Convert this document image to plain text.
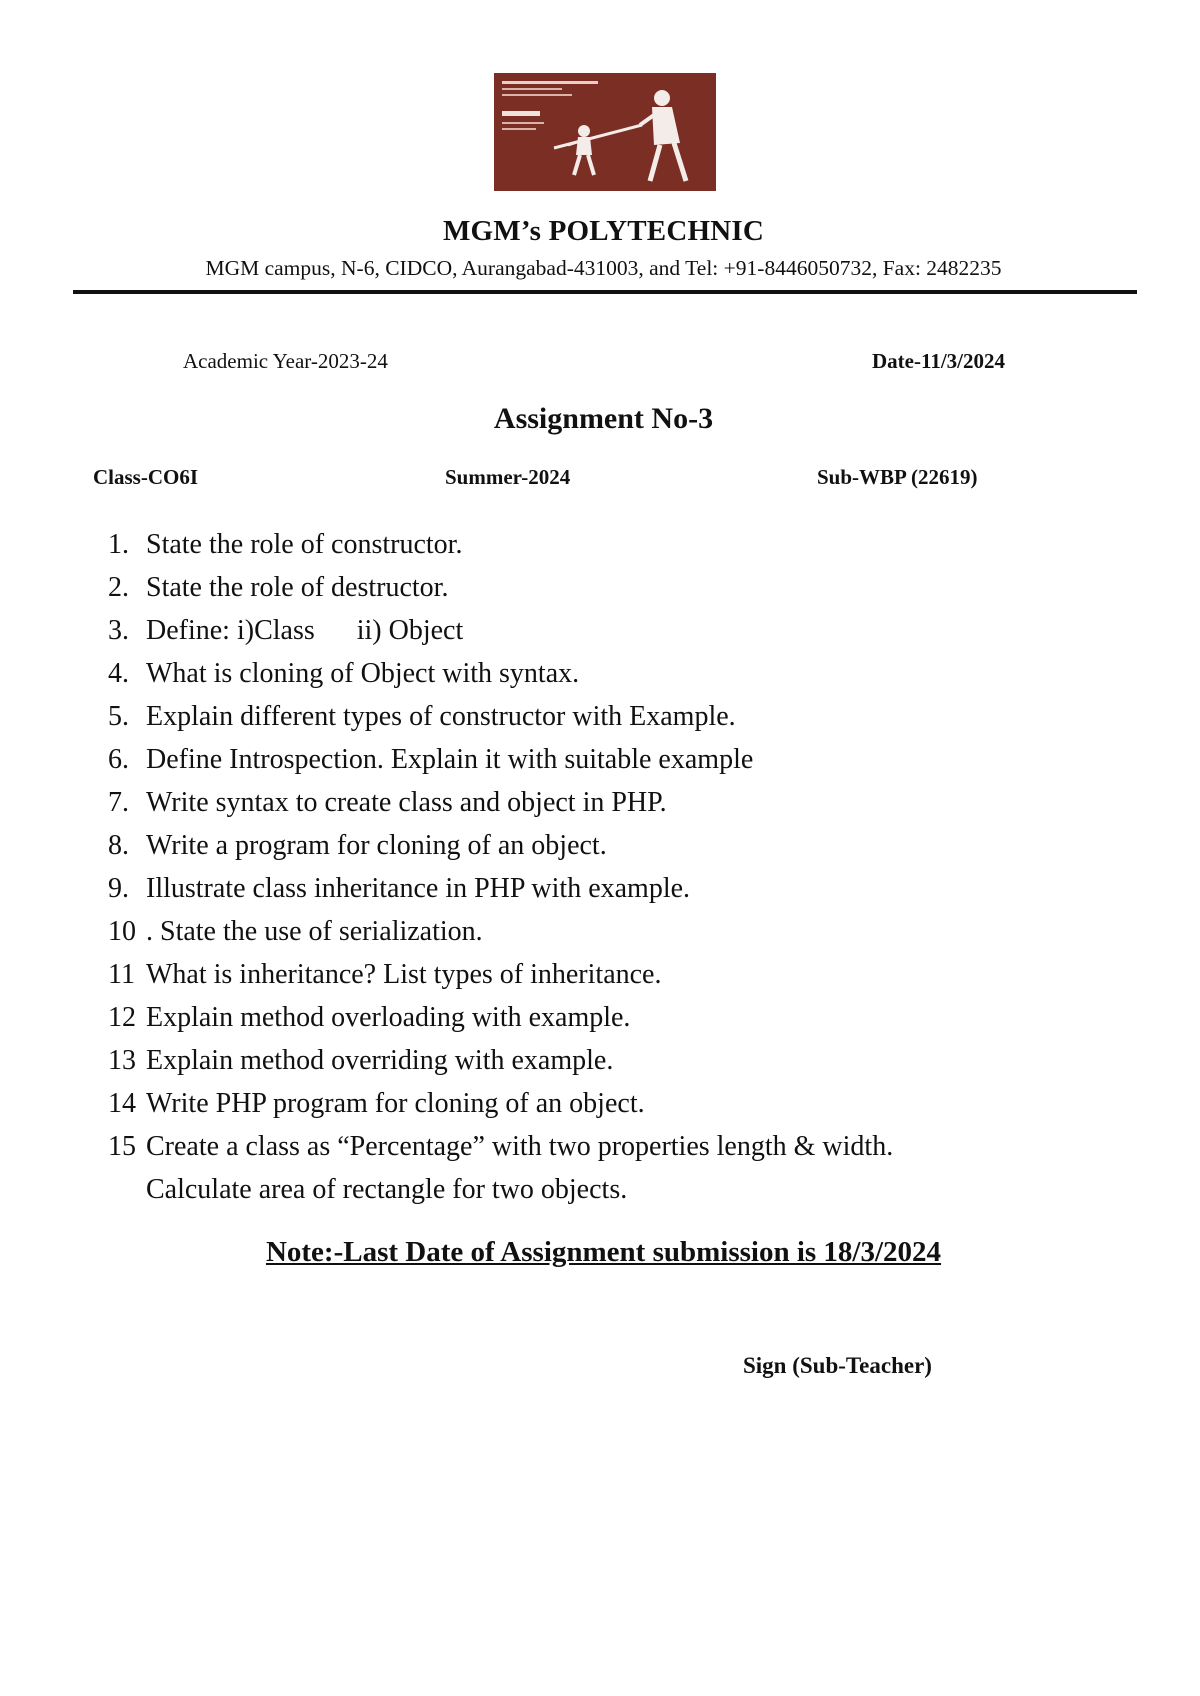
MGM’s POLYTECHNIC
MGM campus, N-6, CIDCO, Aurangabad-431003, and Tel: +91-8446050732, Fax: 2482235
Academic Year-2023-24	Date-11/3/2024
Assignment No-3
Class-CO6I	Summer-2024	Sub-WBP (22619)
1. State the role of constructor.
2. State the role of destructor.
3. Define: i)Class      ii) Object
4. What is cloning of Object with syntax.
5. Explain different types of constructor with Example.
6. Define Introspection. Explain it with suitable example
7. Write syntax to create class and object in PHP.
8. Write a program for cloning of an object.
9. Illustrate class inheritance in PHP with example.
10 . State the use of serialization.
11 What is inheritance? List types of inheritance.
12 Explain method overloading with example.
13 Explain method overriding with example.
14 Write PHP program for cloning of an object.
15 Create a class as “Percentage” with two properties length & width.
Calculate area of rectangle for two objects.
Note:-Last Date of Assignment submission is 18/3/2024
Sign (Sub-Teacher)
